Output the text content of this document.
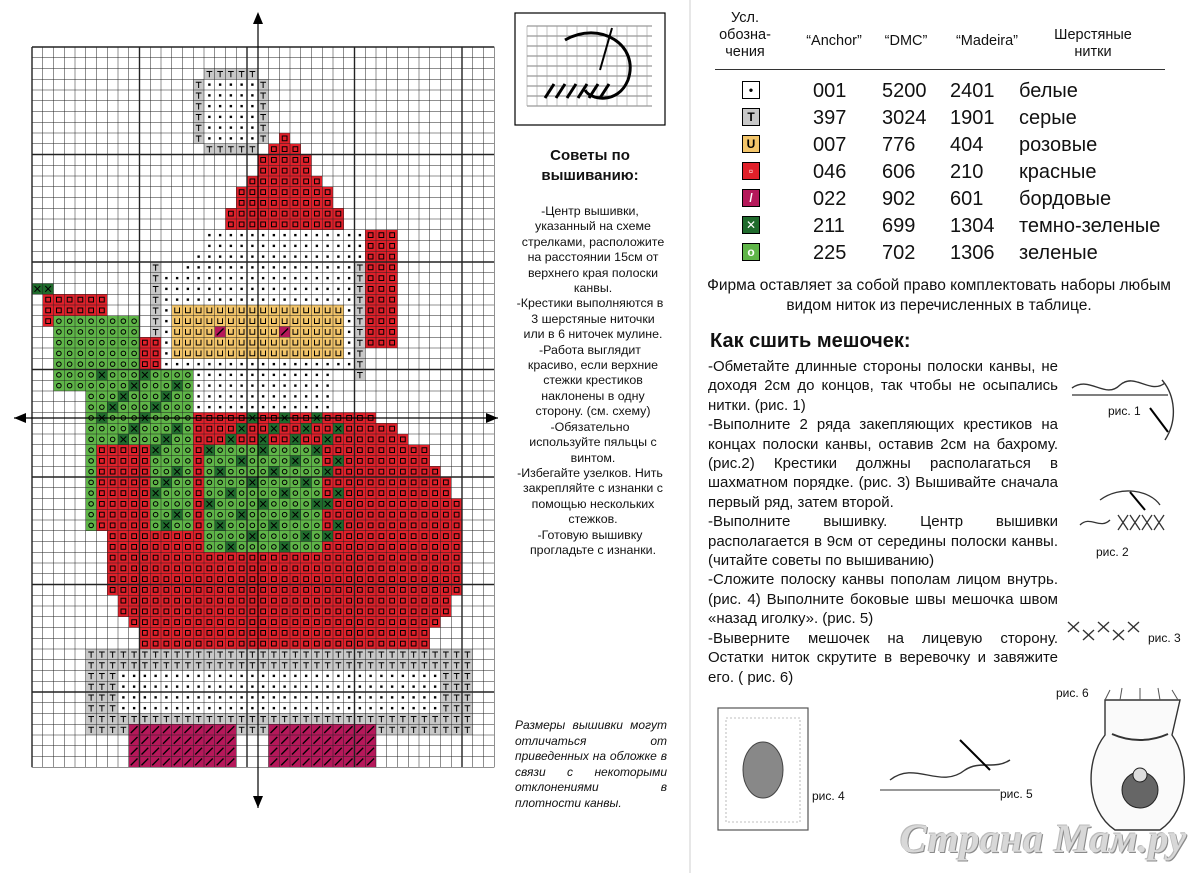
Советы по вышиванию:

-Центр вышивки, указанный на схеме стрелками, расположите на расстоянии 15см от верхнего края полоски канвы.

-Крестики выполняются в 3 шерстяные ниточки или в 6 ниточек мулине.

-Работа выглядит красиво, если верхние стежки крестиков наклонены в одну сторону. (см. схему)

-Обязательно используйте пяльцы с винтом.

-Избегайте узелков. Нить закрепляйте с изнанки с помощью нескольких стежков.

-Готовую вышивку прогладьте с изнанки.

Размеры вышивки могут отличаться от приведенных на обложке в связи с некоторыми отклонениями в плотности канвы.
Усл. обозна- чения
“Anchor”	“DMC”	“Madeira”	Шерстяные нитки
•	001 5200 2401 белые
T	397 3024 1901 серые
U	007 776 404 розовые
▫	046 606 210 красные
/	022 902 601 бордовые
✕	211 699 1304 темно-зеленые
o	225 702 1306 зеленые
Фирма оставляет за собой право комплектовать наборы любым видом ниток из перечисленных в таблице.
Как сшить мешочек:

-Обметайте длинные стороны полоски канвы, не доходя 2см до концов, так чтобы не осыпались нитки. (рис. 1)

-Выполните 2 ряда закепляющих крестиков на концах полоски канвы, оставив 2см на бахрому. (рис.2) Крестики должны располагаться в шахматном порядке. (рис. 3) Вышивайте сначала первый ряд, затем второй.

-Выполните вышивку. Центр вышивки располагается в 9см от середины полоски канвы.(читайте советы по вышиванию)

-Сложите полоску канвы пополам лицом внутрь. (рис. 4) Выполните боковые швы мешочка швом «назад иголку». (рис. 5)

-Выверните мешочек на лицевую сторону. Остатки ниток скрутите в веревочку и завяжите его. ( рис. 6)

рис. 1
рис. 2
рис. 3
рис. 4	рис. 5
рис. 6
Страна Мам.ру
